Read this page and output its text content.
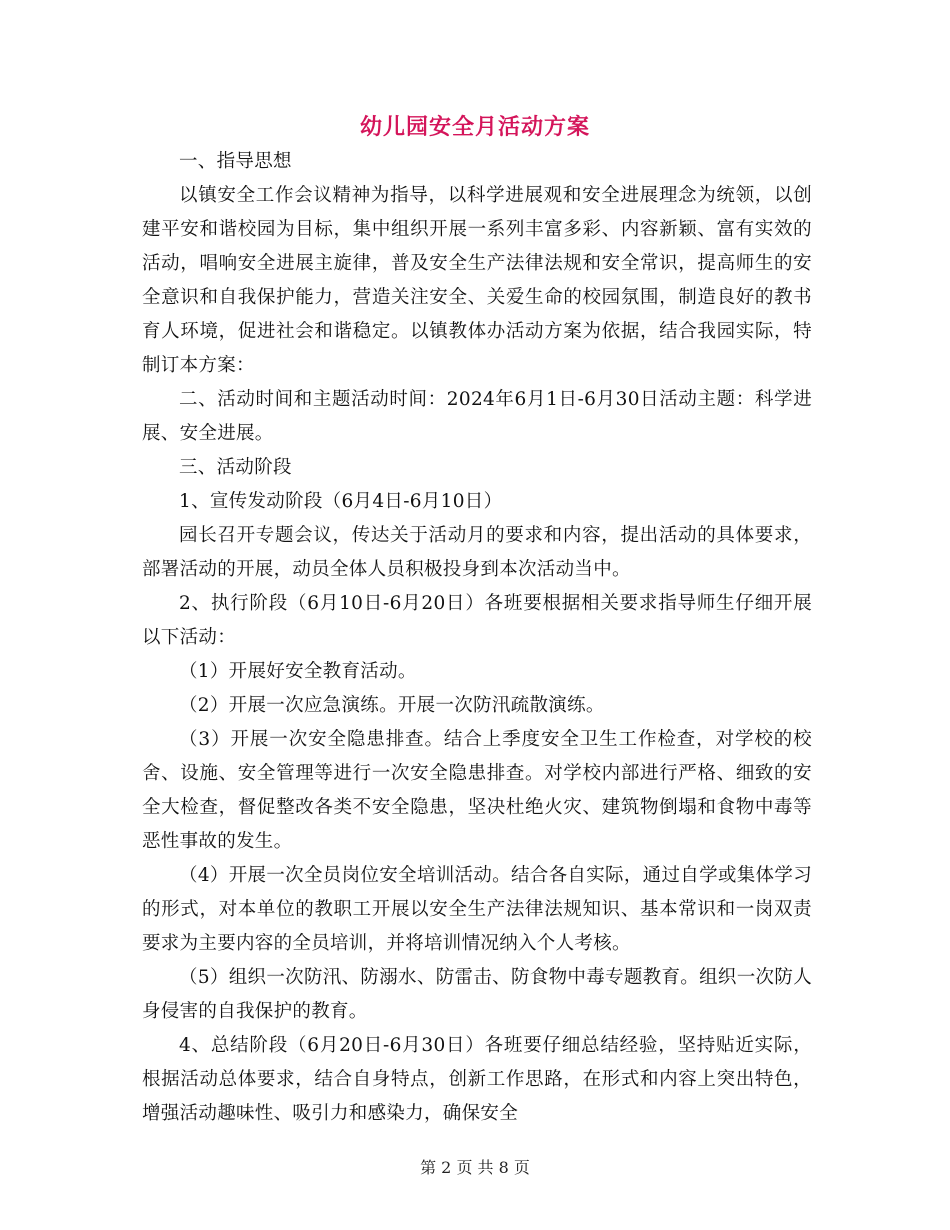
幼儿园安全月活动方案

一、指导思想

以镇安全工作会议精神为指导，以科学进展观和安全进展理念为统领，以创建平安和谐校园为目标，集中组织开展一系列丰富多彩、内容新颖、富有实效的活动，唱响安全进展主旋律，普及安全生产法律法规和安全常识，提高师生的安全意识和自我保护能力，营造关注安全、关爱生命的校园氛围，制造良好的教书育人环境，促进社会和谐稳定。以镇教体办活动方案为依据，结合我园实际，特制订本方案：

二、活动时间和主题活动时间：2024年6月1日-6月30日活动主题：科学进展、安全进展。

三、活动阶段

1、宣传发动阶段（6月4日-6月10日）

园长召开专题会议，传达关于活动月的要求和内容，提出活动的具体要求，部署活动的开展，动员全体人员积极投身到本次活动当中。

2、执行阶段（6月10日-6月20日）各班要根据相关要求指导师生仔细开展以下活动：

（1）开展好安全教育活动。

（2）开展一次应急演练。开展一次防汛疏散演练。

（3）开展一次安全隐患排查。结合上季度安全卫生工作检查，对学校的校舍、设施、安全管理等进行一次安全隐患排查。对学校内部进行严格、细致的安全大检查，督促整改各类不安全隐患，坚决杜绝火灾、建筑物倒塌和食物中毒等恶性事故的发生。

（4）开展一次全员岗位安全培训活动。结合各自实际，通过自学或集体学习的形式，对本单位的教职工开展以安全生产法律法规知识、基本常识和一岗双责要求为主要内容的全员培训，并将培训情况纳入个人考核。

（5）组织一次防汛、防溺水、防雷击、防食物中毒专题教育。组织一次防人身侵害的自我保护的教育。

4、总结阶段（6月20日-6月30日）各班要仔细总结经验，坚持贴近实际，根据活动总体要求，结合自身特点，创新工作思路，在形式和内容上突出特色，增强活动趣味性、吸引力和感染力，确保安全

第 2 页 共 8 页
